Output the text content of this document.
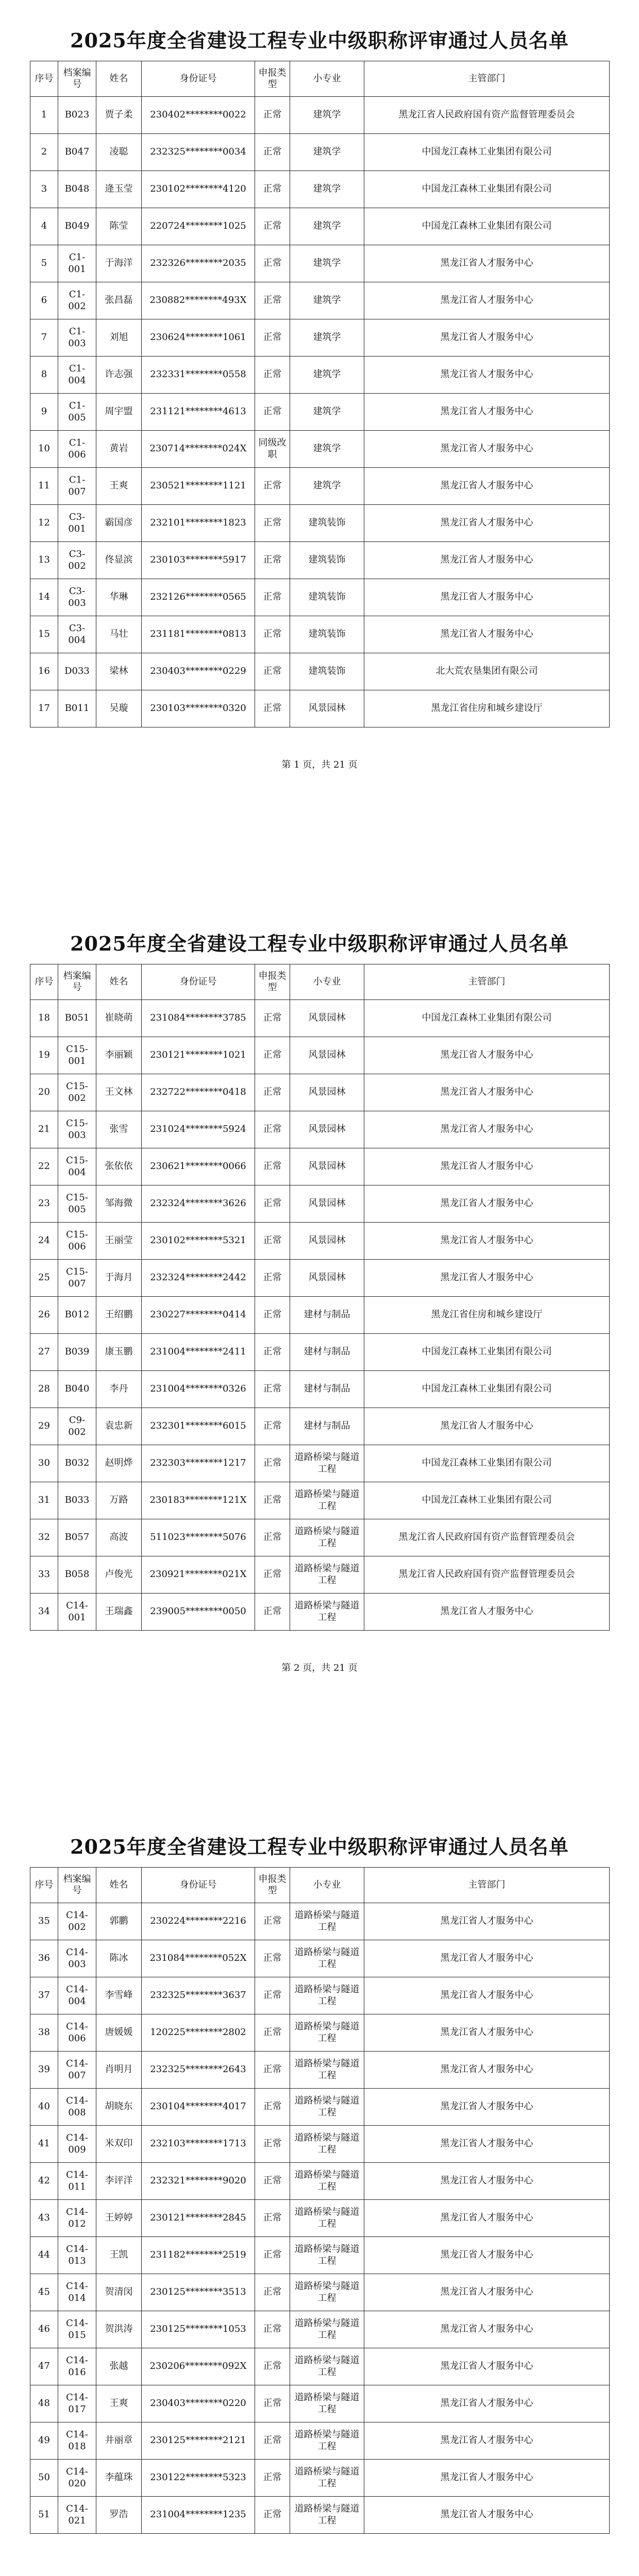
2025年度全省建设工程专业中级职称评审通过人员名单
序号	档案编号	姓名	身份证号	申报类型	小专业	主管部门
1	B023	贾子柔	230402********0022	正常	建筑学	黑龙江省人民政府国有资产监督管理委员会
2	B047	凌聪	232325********0034	正常	建筑学	中国龙江森林工业集团有限公司
3	B048	逄玉莹	230102********4120	正常	建筑学	中国龙江森林工业集团有限公司
4	B049	陈莹	220724********1025	正常	建筑学	中国龙江森林工业集团有限公司
5	C1-001	于海洋	232326********2035	正常	建筑学	黑龙江省人才服务中心
6	C1-002	张昌磊	230882********493X	正常	建筑学	黑龙江省人才服务中心
7	C1-003	刘旭	230624********1061	正常	建筑学	黑龙江省人才服务中心
8	C1-004	许志强	232331********0558	正常	建筑学	黑龙江省人才服务中心
9	C1-005	周宇盟	231121********4613	正常	建筑学	黑龙江省人才服务中心
10	C1-006	黄岩	230714********024X	同级改职	建筑学	黑龙江省人才服务中心
11	C1-007	王爽	230521********1121	正常	建筑学	黑龙江省人才服务中心
12	C3-001	霸国彦	232101********1823	正常	建筑装饰	黑龙江省人才服务中心
13	C3-002	佟显滨	230103********5917	正常	建筑装饰	黑龙江省人才服务中心
14	C3-003	华琳	232126********0565	正常	建筑装饰	黑龙江省人才服务中心
15	C3-004	马壮	231181********0813	正常	建筑装饰	黑龙江省人才服务中心
16	D033	梁林	230403********0229	正常	建筑装饰	北大荒农垦集团有限公司
17	B011	吴璇	230103********0320	正常	风景园林	黑龙江省住房和城乡建设厅
第 1 页，共 21 页
2025年度全省建设工程专业中级职称评审通过人员名单
序号	档案编号	姓名	身份证号	申报类型	小专业	主管部门
18	B051	崔晓萌	231084********3785	正常	风景园林	中国龙江森林工业集团有限公司
19	C15-001	李丽颖	230121********1021	正常	风景园林	黑龙江省人才服务中心
20	C15-002	王文林	232722********0418	正常	风景园林	黑龙江省人才服务中心
21	C15-003	张雪	231024********5924	正常	风景园林	黑龙江省人才服务中心
22	C15-004	张依依	230621********0066	正常	风景园林	黑龙江省人才服务中心
23	C15-005	邹海微	232324********3626	正常	风景园林	黑龙江省人才服务中心
24	C15-006	王丽莹	230102********5321	正常	风景园林	黑龙江省人才服务中心
25	C15-007	于海月	232324********2442	正常	风景园林	黑龙江省人才服务中心
26	B012	王绍鹏	230227********0414	正常	建材与制品	黑龙江省住房和城乡建设厅
27	B039	康玉鹏	231004********2411	正常	建材与制品	中国龙江森林工业集团有限公司
28	B040	李丹	231004********0326	正常	建材与制品	中国龙江森林工业集团有限公司
29	C9-002	袁忠新	232301********6015	正常	建材与制品	黑龙江省人才服务中心
30	B032	赵明烨	232303********1217	正常	道路桥梁与隧道工程	中国龙江森林工业集团有限公司
31	B033	万路	230183********121X	正常	道路桥梁与隧道工程	中国龙江森林工业集团有限公司
32	B057	高波	511023********5076	正常	道路桥梁与隧道工程	黑龙江省人民政府国有资产监督管理委员会
33	B058	卢俊光	230921********021X	正常	道路桥梁与隧道工程	黑龙江省人民政府国有资产监督管理委员会
34	C14-001	王瑞鑫	239005********0050	正常	道路桥梁与隧道工程	黑龙江省人才服务中心
第 2 页，共 21 页
2025年度全省建设工程专业中级职称评审通过人员名单
序号	档案编号	姓名	身份证号	申报类型	小专业	主管部门
35	C14-002	郭鹏	230224********2216	正常	道路桥梁与隧道工程	黑龙江省人才服务中心
36	C14-003	陈冰	231084********052X	正常	道路桥梁与隧道工程	黑龙江省人才服务中心
37	C14-004	李雪峰	232325********3637	正常	道路桥梁与隧道工程	黑龙江省人才服务中心
38	C14-006	唐媛媛	120225********2802	正常	道路桥梁与隧道工程	黑龙江省人才服务中心
39	C14-007	肖明月	232325********2643	正常	道路桥梁与隧道工程	黑龙江省人才服务中心
40	C14-008	胡晓东	230104********4017	正常	道路桥梁与隧道工程	黑龙江省人才服务中心
41	C14-009	米双印	232103********1713	正常	道路桥梁与隧道工程	黑龙江省人才服务中心
42	C14-011	李评洋	232321********9020	正常	道路桥梁与隧道工程	黑龙江省人才服务中心
43	C14-012	王婷婷	230121********2845	正常	道路桥梁与隧道工程	黑龙江省人才服务中心
44	C14-013	王凯	231182********2519	正常	道路桥梁与隧道工程	黑龙江省人才服务中心
45	C14-014	贺清闵	230125********3513	正常	道路桥梁与隧道工程	黑龙江省人才服务中心
46	C14-015	贺洪涛	230125********1053	正常	道路桥梁与隧道工程	黑龙江省人才服务中心
47	C14-016	张越	230206********092X	正常	道路桥梁与隧道工程	黑龙江省人才服务中心
48	C14-017	王爽	230403********0220	正常	道路桥梁与隧道工程	黑龙江省人才服务中心
49	C14-018	井丽章	230125********2121	正常	道路桥梁与隧道工程	黑龙江省人才服务中心
50	C14-020	李蕴珠	230122********5323	正常	道路桥梁与隧道工程	黑龙江省人才服务中心
51	C14-021	罗浩	231004********1235	正常	道路桥梁与隧道工程	黑龙江省人才服务中心
